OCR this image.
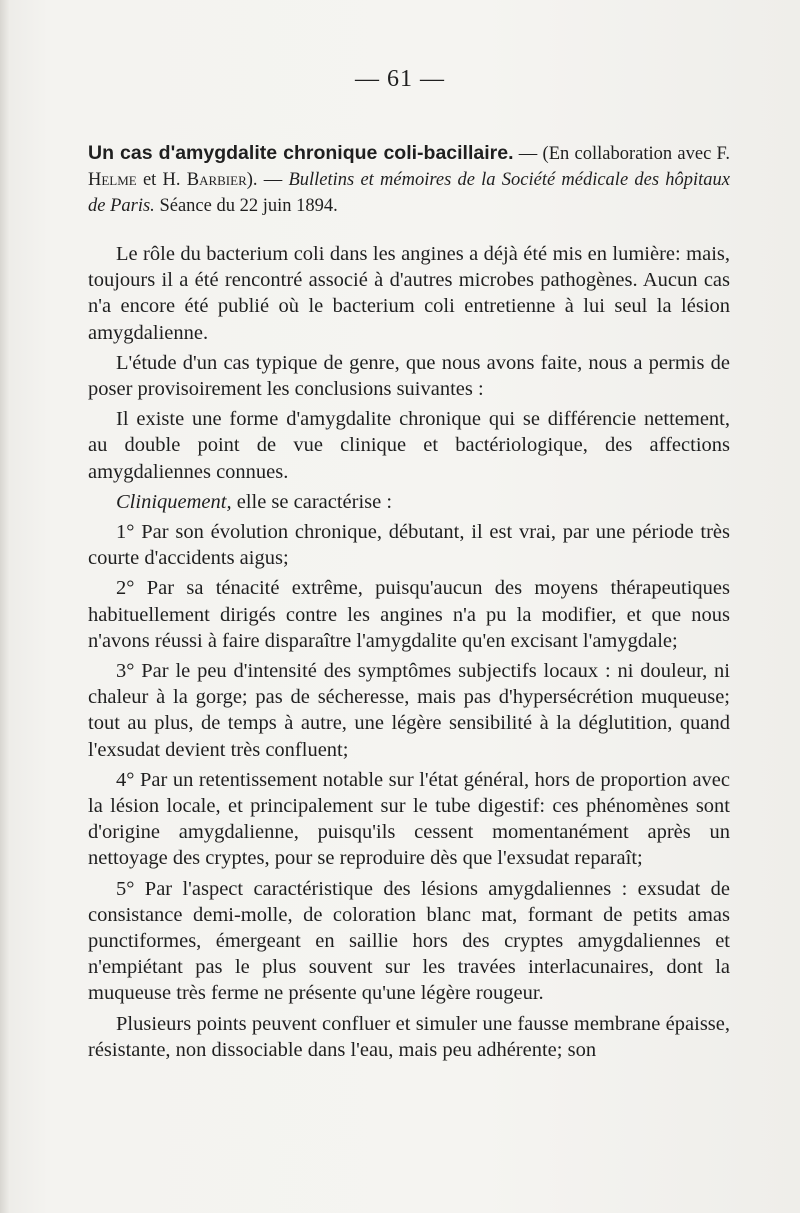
— 61 —
Un cas d'amygdalite chronique coli-bacillaire. — (En collaboration avec F. Helme et H. Barbier). — Bulletins et mémoires de la Société médicale des hôpitaux de Paris. Séance du 22 juin 1894.

Le rôle du bacterium coli dans les angines a déjà été mis en lumière: mais, toujours il a été rencontré associé à d'autres microbes pathogènes. Aucun cas n'a encore été publié où le bacterium coli entretienne à lui seul la lésion amygdalienne.

L'étude d'un cas typique de genre, que nous avons faite, nous a permis de poser provisoirement les conclusions suivantes :

Il existe une forme d'amygdalite chronique qui se différencie nettement, au double point de vue clinique et bactériologique, des affections amygdaliennes connues.

Cliniquement, elle se caractérise :

1° Par son évolution chronique, débutant, il est vrai, par une période très courte d'accidents aigus;

2° Par sa ténacité extrême, puisqu'aucun des moyens thérapeutiques habituellement dirigés contre les angines n'a pu la modifier, et que nous n'avons réussi à faire disparaître l'amygdalite qu'en excisant l'amygdale;

3° Par le peu d'intensité des symptômes subjectifs locaux : ni douleur, ni chaleur à la gorge; pas de sécheresse, mais pas d'hypersécrétion muqueuse; tout au plus, de temps à autre, une légère sensibilité à la déglutition, quand l'exsudat devient très confluent;

4° Par un retentissement notable sur l'état général, hors de proportion avec la lésion locale, et principalement sur le tube digestif: ces phénomènes sont d'origine amygdalienne, puisqu'ils cessent momentanément après un nettoyage des cryptes, pour se reproduire dès que l'exsudat reparaît;

5° Par l'aspect caractéristique des lésions amygdaliennes : exsudat de consistance demi-molle, de coloration blanc mat, formant de petits amas punctiformes, émergeant en saillie hors des cryptes amygdaliennes et n'empiétant pas le plus souvent sur les travées interlacunaires, dont la muqueuse très ferme ne présente qu'une légère rougeur.

Plusieurs points peuvent confluer et simuler une fausse membrane épaisse, résistante, non dissociable dans l'eau, mais peu adhérente; son
